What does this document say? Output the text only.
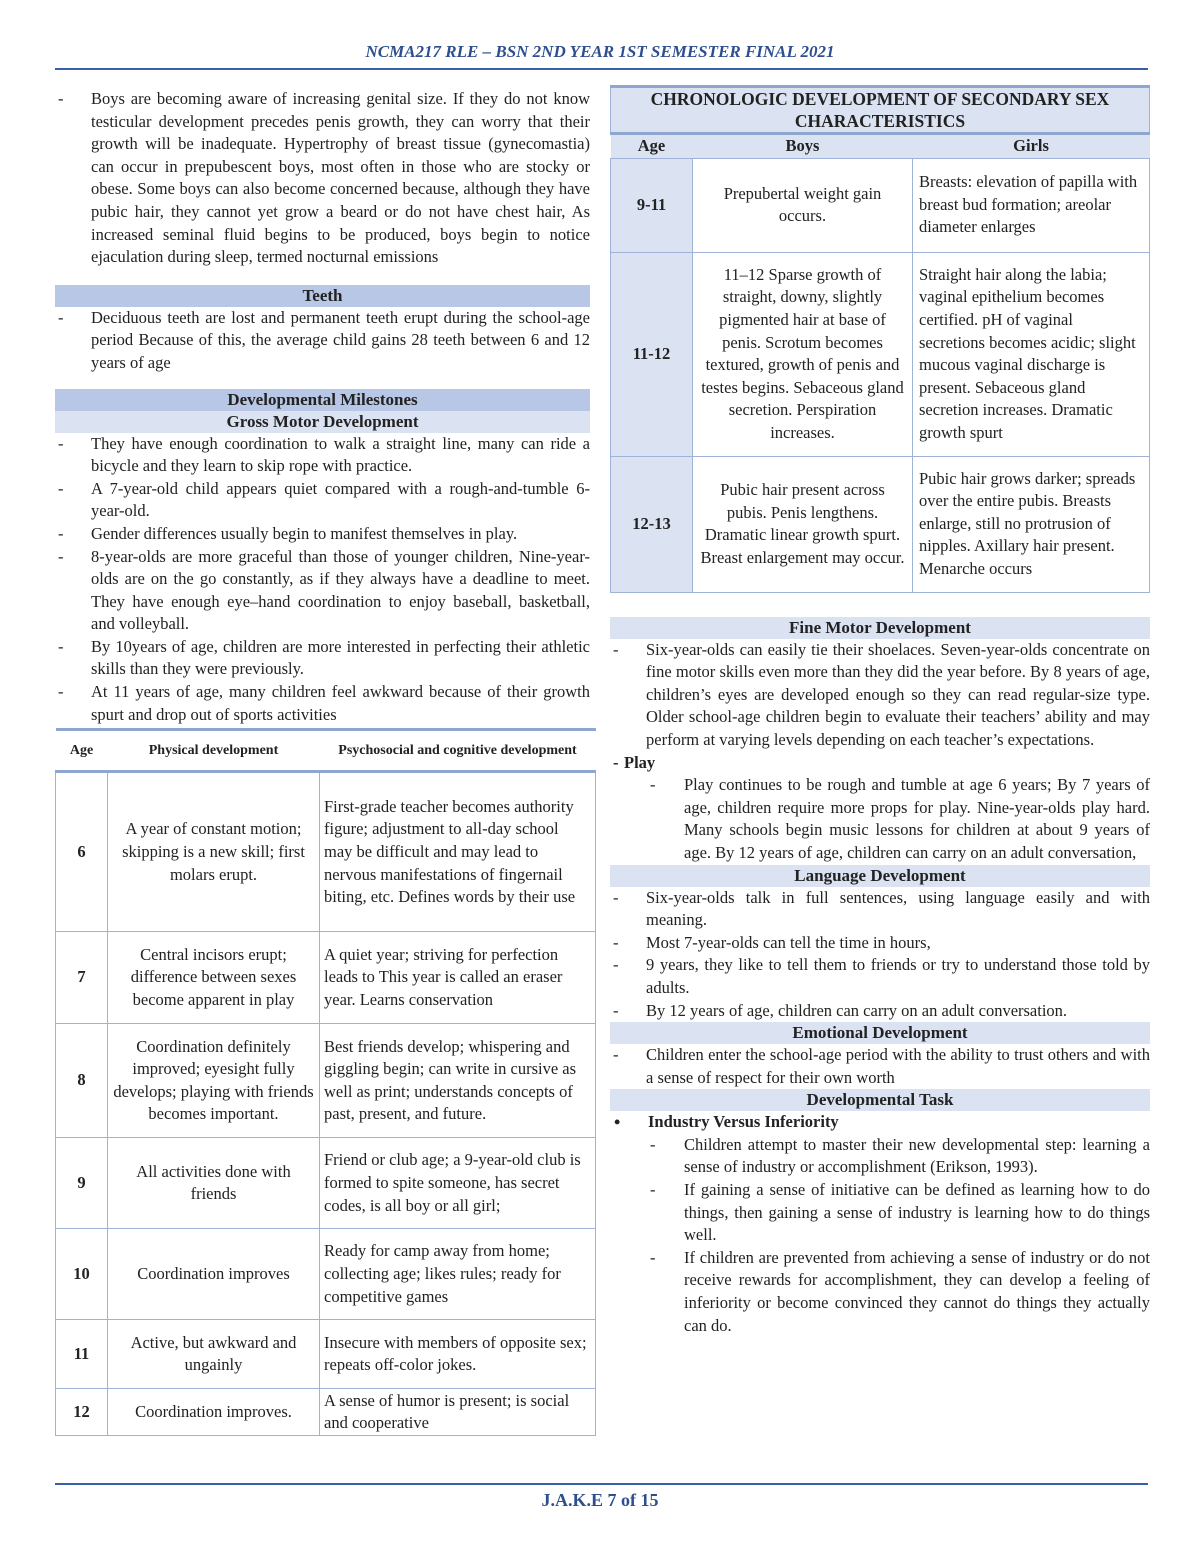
NCMA217 RLE – BSN 2ND YEAR 1ST SEMESTER FINAL 2021
- Boys are becoming aware of increasing genital size. If they do not know testicular development precedes penis growth, they can worry that their growth will be inadequate. Hypertrophy of breast tissue (gynecomastia) can occur in prepubescent boys, most often in those who are stocky or obese. Some boys can also become concerned because, although they have pubic hair, they cannot yet grow a beard or do not have chest hair, As increased seminal fluid begins to be produced, boys begin to notice ejaculation during sleep, termed nocturnal emissions
Teeth
- Deciduous teeth are lost and permanent teeth erupt during the school-age period Because of this, the average child gains 28 teeth between 6 and 12 years of age
Developmental Milestones
Gross Motor Development
- They have enough coordination to walk a straight line, many can ride a bicycle and they learn to skip rope with practice.
- A 7-year-old child appears quiet compared with a rough-and-tumble 6-year-old.
- Gender differences usually begin to manifest themselves in play.
- 8-year-olds are more graceful than those of younger children, Nine-year-olds are on the go constantly, as if they always have a deadline to meet. They have enough eye–hand coordination to enjoy baseball, basketball, and volleyball.
- By 10years of age, children are more interested in perfecting their athletic skills than they were previously.
- At 11 years of age, many children feel awkward because of their growth spurt and drop out of sports activities
Age	Physical development	Psychosocial and cognitive development
6	A year of constant motion; skipping is a new skill; first molars erupt.	First-grade teacher becomes authority figure; adjustment to all-day school may be difficult and may lead to nervous manifestations of fingernail biting, etc. Defines words by their use
7	Central incisors erupt; difference between sexes become apparent in play	A quiet year; striving for perfection leads to This year is called an eraser year. Learns conservation
8	Coordination definitely improved; eyesight fully develops; playing with friends becomes important.	Best friends develop; whispering and giggling begin; can write in cursive as well as print; understands concepts of past, present, and future.
9	All activities done with friends	Friend or club age; a 9-year-old club is formed to spite someone, has secret codes, is all boy or all girl;
10	Coordination improves	Ready for camp away from home; collecting age; likes rules; ready for competitive games
11	Active, but awkward and ungainly	Insecure with members of opposite sex; repeats off-color jokes.
12	Coordination improves.	A sense of humor is present; is social and cooperative
CHRONOLOGIC DEVELOPMENT OF SECONDARY SEX CHARACTERISTICS		
Age	Boys	Girls
9-11	Prepubertal weight gain occurs.	Breasts: elevation of papilla with breast bud formation; areolar diameter enlarges
11-12	11–12 Sparse growth of straight, downy, slightly pigmented hair at base of penis. Scrotum becomes textured, growth of penis and testes begins. Sebaceous gland secretion. Perspiration increases.	Straight hair along the labia; vaginal epithelium becomes certified. pH of vaginal secretions becomes acidic; slight mucous vaginal discharge is present. Sebaceous gland secretion increases. Dramatic growth spurt
12-13	Pubic hair present across pubis. Penis lengthens. Dramatic linear growth spurt. Breast enlargement may occur.	Pubic hair grows darker; spreads over the entire pubis. Breasts enlarge, still no protrusion of nipples. Axillary hair present. Menarche occurs
Fine Motor Development
- Six-year-olds can easily tie their shoelaces. Seven-year-olds concentrate on fine motor skills even more than they did the year before. By 8 years of age, children’s eyes are developed enough so they can read regular-size type. Older school-age children begin to evaluate their teachers’ ability and may perform at varying levels depending on each teacher’s expectations.
- Play
- Play continues to be rough and tumble at age 6 years; By 7 years of age, children require more props for play. Nine-year-olds play hard. Many schools begin music lessons for children at about 9 years of age. By 12 years of age, children can carry on an adult conversation,
Language Development
- Six-year-olds talk in full sentences, using language easily and with meaning.
- Most 7-year-olds can tell the time in hours,
- 9 years, they like to tell them to friends or try to understand those told by adults.
- By 12 years of age, children can carry on an adult conversation.
Emotional Development
- Children enter the school-age period with the ability to trust others and with a sense of respect for their own worth
Developmental Task
• Industry Versus Inferiority
- Children attempt to master their new developmental step: learning a sense of industry or accomplishment (Erikson, 1993).
- If gaining a sense of initiative can be defined as learning how to do things, then gaining a sense of industry is learning how to do things well.
- If children are prevented from achieving a sense of industry or do not receive rewards for accomplishment, they can develop a feeling of inferiority or become convinced they cannot do things they actually can do.
J.A.K.E 7 of 15
